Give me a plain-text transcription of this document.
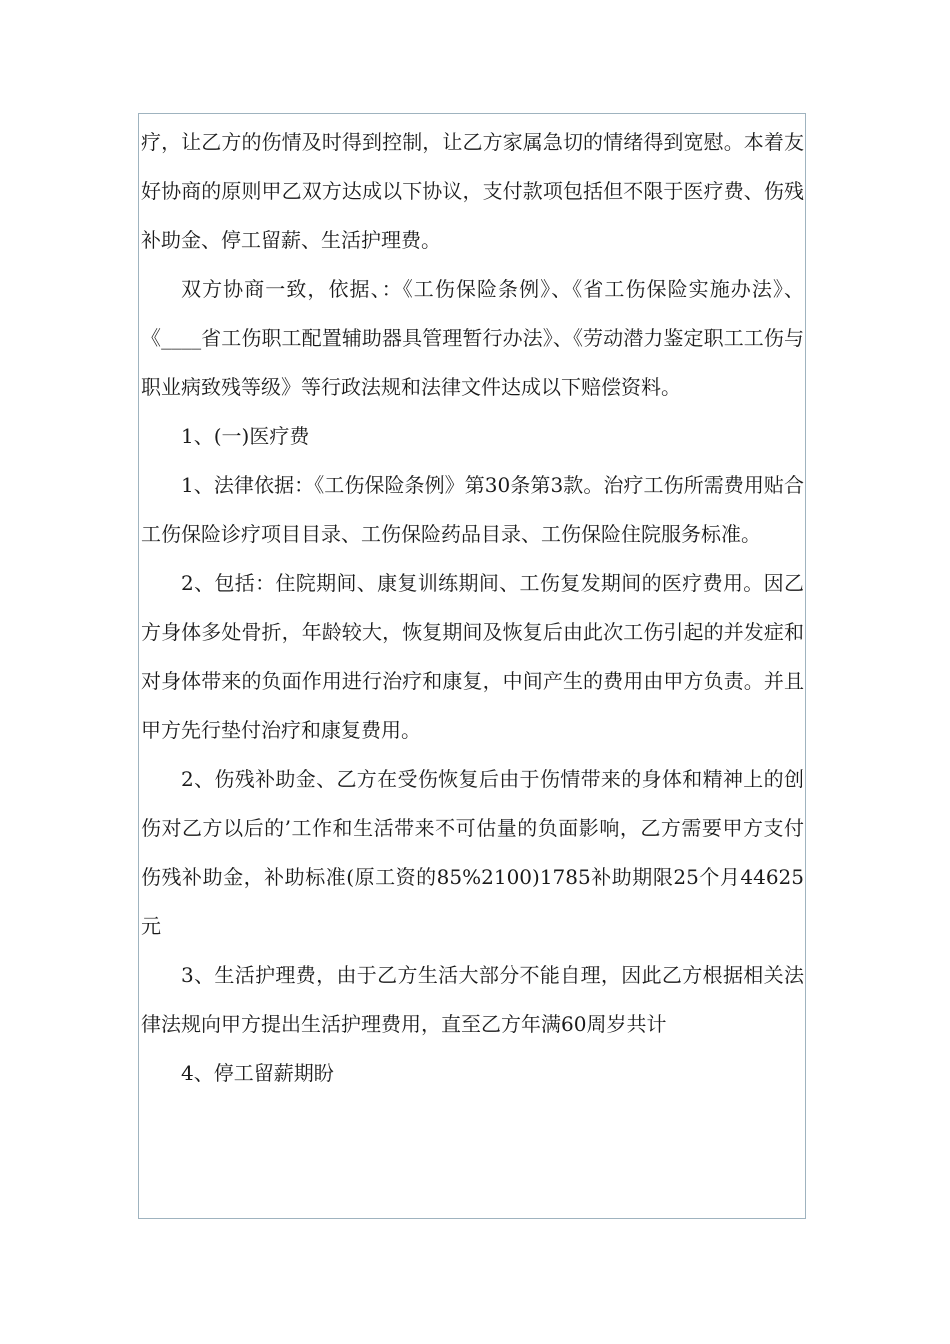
疗，让乙方的伤情及时得到控制，让乙方家属急切的情绪得到宽慰。本着友好协商的原则甲乙双方达成以下协议，支付款项包括但不限于医疗费、伤残补助金、停工留薪、生活护理费。

双方协商一致，依据、：《工伤保险条例》、《省工伤保险实施办法》、《____省工伤职工配置辅助器具管理暂行办法》、《劳动潜力鉴定职工工伤与职业病致残等级》等行政法规和法律文件达成以下赔偿资料。

1、(一)医疗费

1、法律依据：《工伤保险条例》第30条第3款。治疗工伤所需费用贴合工伤保险诊疗项目目录、工伤保险药品目录、工伤保险住院服务标准。

2、包括：住院期间、康复训练期间、工伤复发期间的医疗费用。因乙方身体多处骨折，年龄较大，恢复期间及恢复后由此次工伤引起的并发症和对身体带来的负面作用进行治疗和康复，中间产生的费用由甲方负责。并且甲方先行垫付治疗和康复费用。

2、伤残补助金、乙方在受伤恢复后由于伤情带来的身体和精神上的创伤对乙方以后的’工作和生活带来不可估量的负面影响，乙方需要甲方支付伤残补助金，补助标准(原工资的85%2100)1785补助期限25个月44625元

3、生活护理费，由于乙方生活大部分不能自理，因此乙方根据相关法律法规向甲方提出生活护理费用，直至乙方年满60周岁共计

4、停工留薪期盼
